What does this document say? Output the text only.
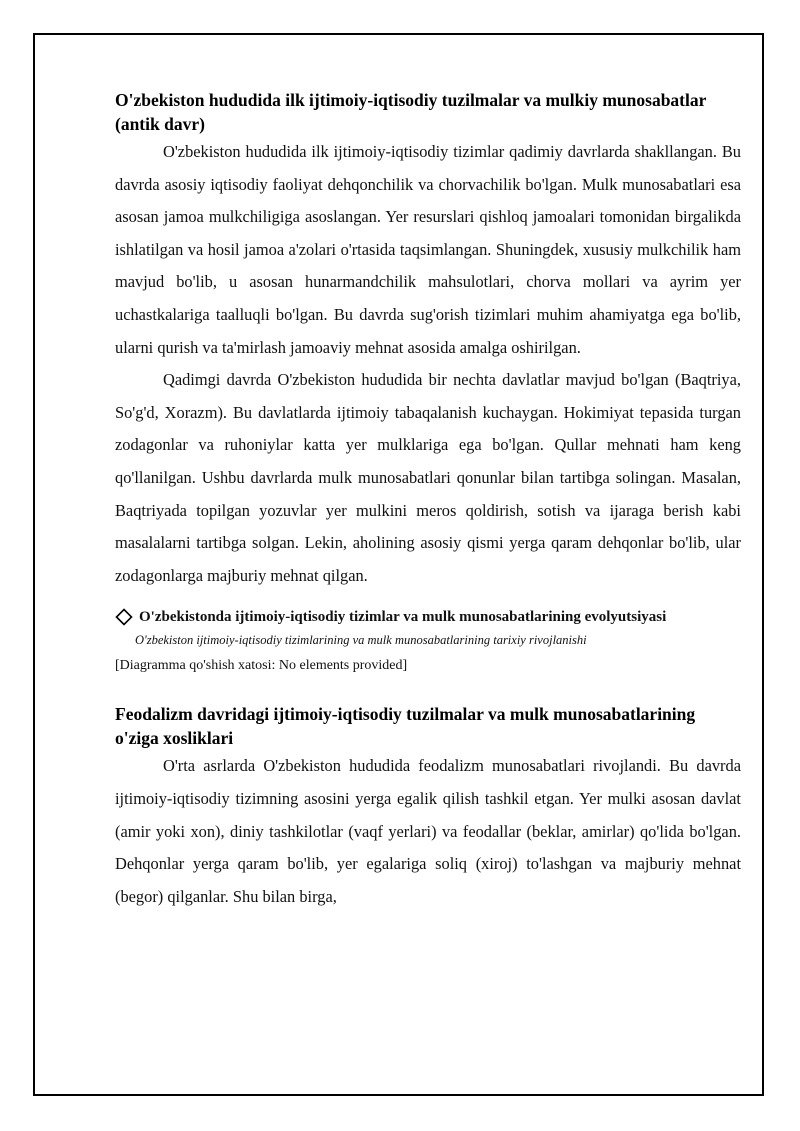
O'zbekiston hududida ilk ijtimoiy-iqtisodiy tuzilmalar va mulkiy munosabatlar (antik davr)

O'zbekiston hududida ilk ijtimoiy-iqtisodiy tizimlar qadimiy davrlarda shakllangan. Bu davrda asosiy iqtisodiy faoliyat dehqonchilik va chorvachilik bo'lgan. Mulk munosabatlari esa asosan jamoa mulkchiligiga asoslangan. Yer resurslari qishloq jamoalari tomonidan birgalikda ishlatilgan va hosil jamoa a'zolari o'rtasida taqsimlangan. Shuningdek, xususiy mulkchilik ham mavjud bo'lib, u asosan hunarmandchilik mahsulotlari, chorva mollari va ayrim yer uchastkalariga taalluqli bo'lgan. Bu davrda sug'orish tizimlari muhim ahamiyatga ega bo'lib, ularni qurish va ta'mirlash jamoaviy mehnat asosida amalga oshirilgan.

Qadimgi davrda O'zbekiston hududida bir nechta davlatlar mavjud bo'lgan (Baqtriya, So'g'd, Xorazm). Bu davlatlarda ijtimoiy tabaqalanish kuchaygan. Hokimiyat tepasida turgan zodagonlar va ruhoniylar katta yer mulklariga ega bo'lgan. Qullar mehnati ham keng qo'llanilgan. Ushbu davrlarda mulk munosabatlari qonunlar bilan tartibga solingan. Masalan, Baqtriyada topilgan yozuvlar yer mulkini meros qoldirish, sotish va ijaraga berish kabi masalalarni tartibga solgan. Lekin, aholining asosiy qismi yerga qaram dehqonlar bo'lib, ular zodagonlarga majburiy mehnat qilgan.

O'zbekistonda ijtimoiy-iqtisodiy tizimlar va mulk munosabatlarining evolyutsiyasi
O'zbekiston ijtimoiy-iqtisodiy tizimlarining va mulk munosabatlarining tarixiy rivojlanishi
[Diagramma qo'shish xatosi: No elements provided]
Feodalizm davridagi ijtimoiy-iqtisodiy tuzilmalar va mulk munosabatlarining o'ziga xosliklari

O'rta asrlarda O'zbekiston hududida feodalizm munosabatlari rivojlandi. Bu davrda ijtimoiy-iqtisodiy tizimning asosini yerga egalik qilish tashkil etgan. Yer mulki asosan davlat (amir yoki xon), diniy tashkilotlar (vaqf yerlari) va feodallar (beklar, amirlar) qo'lida bo'lgan. Dehqonlar yerga qaram bo'lib, yer egalariga soliq (xiroj) to'lashgan va majburiy mehnat (begor) qilganlar. Shu bilan birga,
